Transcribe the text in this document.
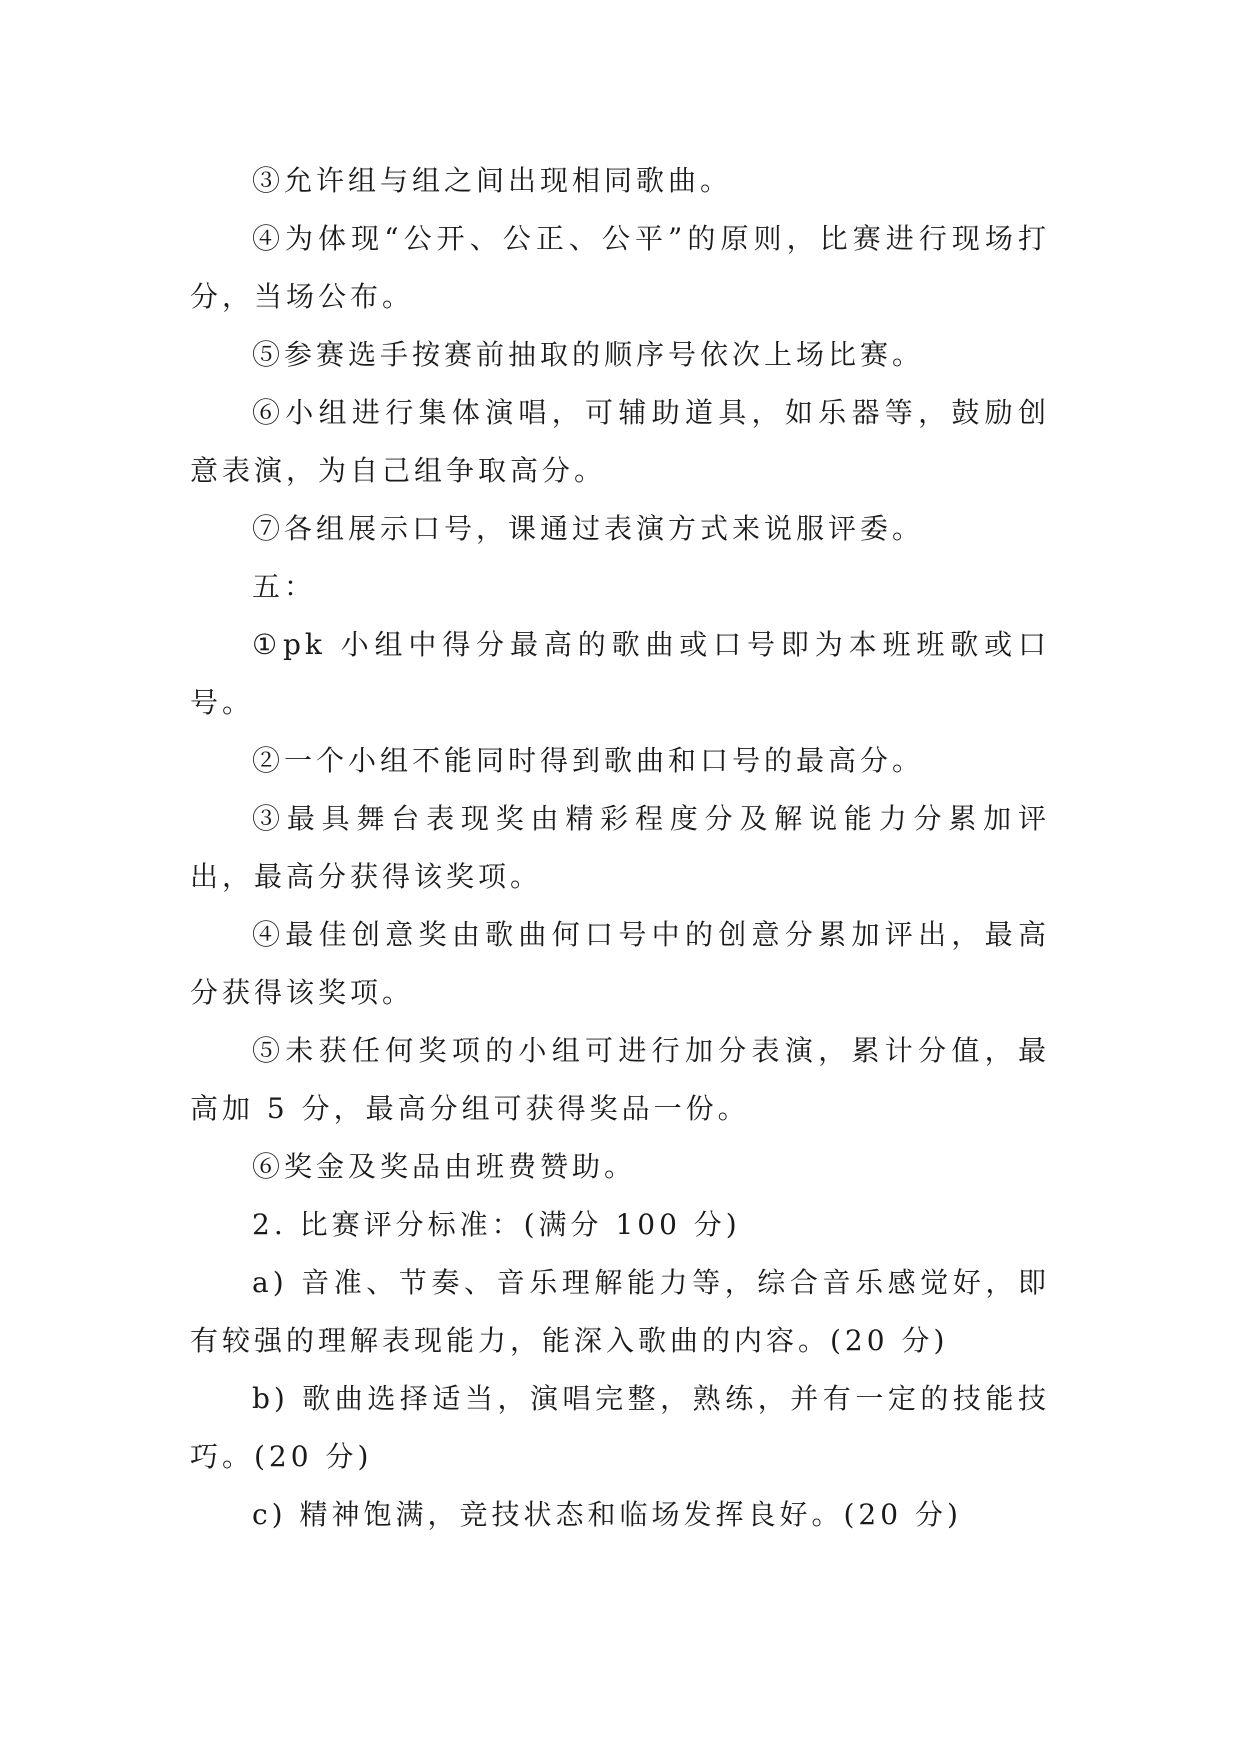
③允许组与组之间出现相同歌曲。

④为体现“公开、公正、公平”的原则，比赛进行现场打分，当场公布。

⑤参赛选手按赛前抽取的顺序号依次上场比赛。

⑥小组进行集体演唱，可辅助道具，如乐器等，鼓励创意表演，为自己组争取高分。

⑦各组展示口号，课通过表演方式来说服评委。

五：

①pk 小组中得分最高的歌曲或口号即为本班班歌或口号。

②一个小组不能同时得到歌曲和口号的最高分。

③最具舞台表现奖由精彩程度分及解说能力分累加评出，最高分获得该奖项。

④最佳创意奖由歌曲何口号中的创意分累加评出，最高分获得该奖项。

⑤未获任何奖项的小组可进行加分表演，累计分值，最高加 5 分，最高分组可获得奖品一份。

⑥奖金及奖品由班费赞助。

2. 比赛评分标准：(满分 100 分)

a) 音准、节奏、音乐理解能力等，综合音乐感觉好，即有较强的理解表现能力，能深入歌曲的内容。(20 分)

b) 歌曲选择适当，演唱完整，熟练，并有一定的技能技巧。(20 分)

c) 精神饱满，竞技状态和临场发挥良好。(20 分)
